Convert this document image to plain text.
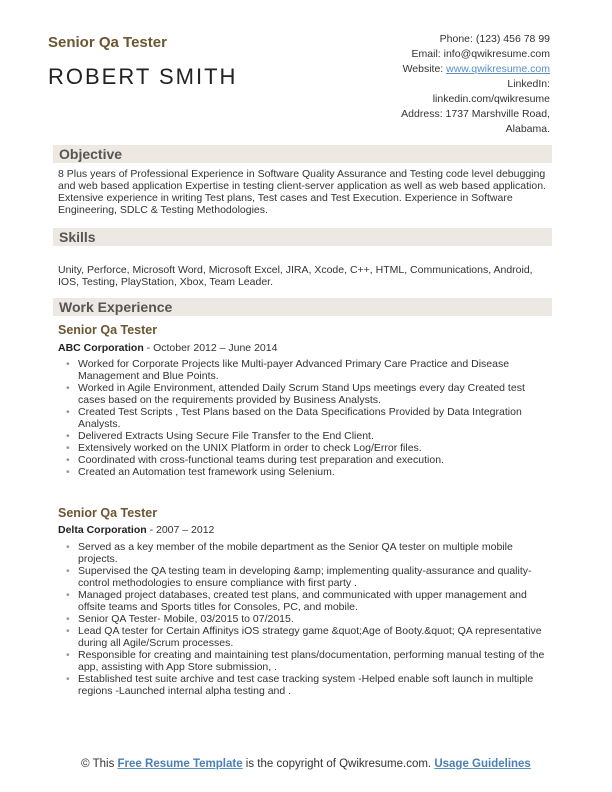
Senior Qa Tester
ROBERT SMITH
Phone: (123) 456 78 99
Email: info@qwikresume.com
Website: www.qwikresume.com
LinkedIn:
linkedin.com/qwikresume
Address: 1737 Marshville Road,
Alabama.
Objective
8 Plus years of Professional Experience in Software Quality Assurance and Testing code level debugging and web based application Expertise in testing client-server application as well as web based application. Extensive experience in writing Test plans, Test cases and Test Execution. Experience in Software Engineering, SDLC & Testing Methodologies.
Skills
Unity, Perforce, Microsoft Word, Microsoft Excel, JIRA, Xcode, C++, HTML, Communications, Android, IOS, Testing, PlayStation, Xbox, Team Leader.
Work Experience
Senior Qa Tester
ABC Corporation - October 2012 – June 2014
• Worked for Corporate Projects like Multi-payer Advanced Primary Care Practice and Disease Management and Blue Points.
• Worked in Agile Environment, attended Daily Scrum Stand Ups meetings every day Created test cases based on the requirements provided by Business Analysts.
• Created Test Scripts , Test Plans based on the Data Specifications Provided by Data Integration Analysts.
• Delivered Extracts Using Secure File Transfer to the End Client.
• Extensively worked on the UNIX Platform in order to check Log/Error files.
• Coordinated with cross-functional teams during test preparation and execution.
• Created an Automation test framework using Selenium.
Senior Qa Tester
Delta Corporation - 2007 – 2012
• Served as a key member of the mobile department as the Senior QA tester on multiple mobile projects.
• Supervised the QA testing team in developing &amp; implementing quality-assurance and quality-control methodologies to ensure compliance with first party .
• Managed project databases, created test plans, and communicated with upper management and offsite teams and Sports titles for Consoles, PC, and mobile.
• Senior QA Tester- Mobile, 03/2015 to 07/2015.
• Lead QA tester for Certain Affinitys iOS strategy game &quot;Age of Booty.&quot; QA representative during all Agile/Scrum processes.
• Responsible for creating and maintaining test plans/documentation, performing manual testing of the app, assisting with App Store submission, .
• Established test suite archive and test case tracking system -Helped enable soft launch in multiple regions -Launched internal alpha testing and .
© This Free Resume Template is the copyright of Qwikresume.com. Usage Guidelines
